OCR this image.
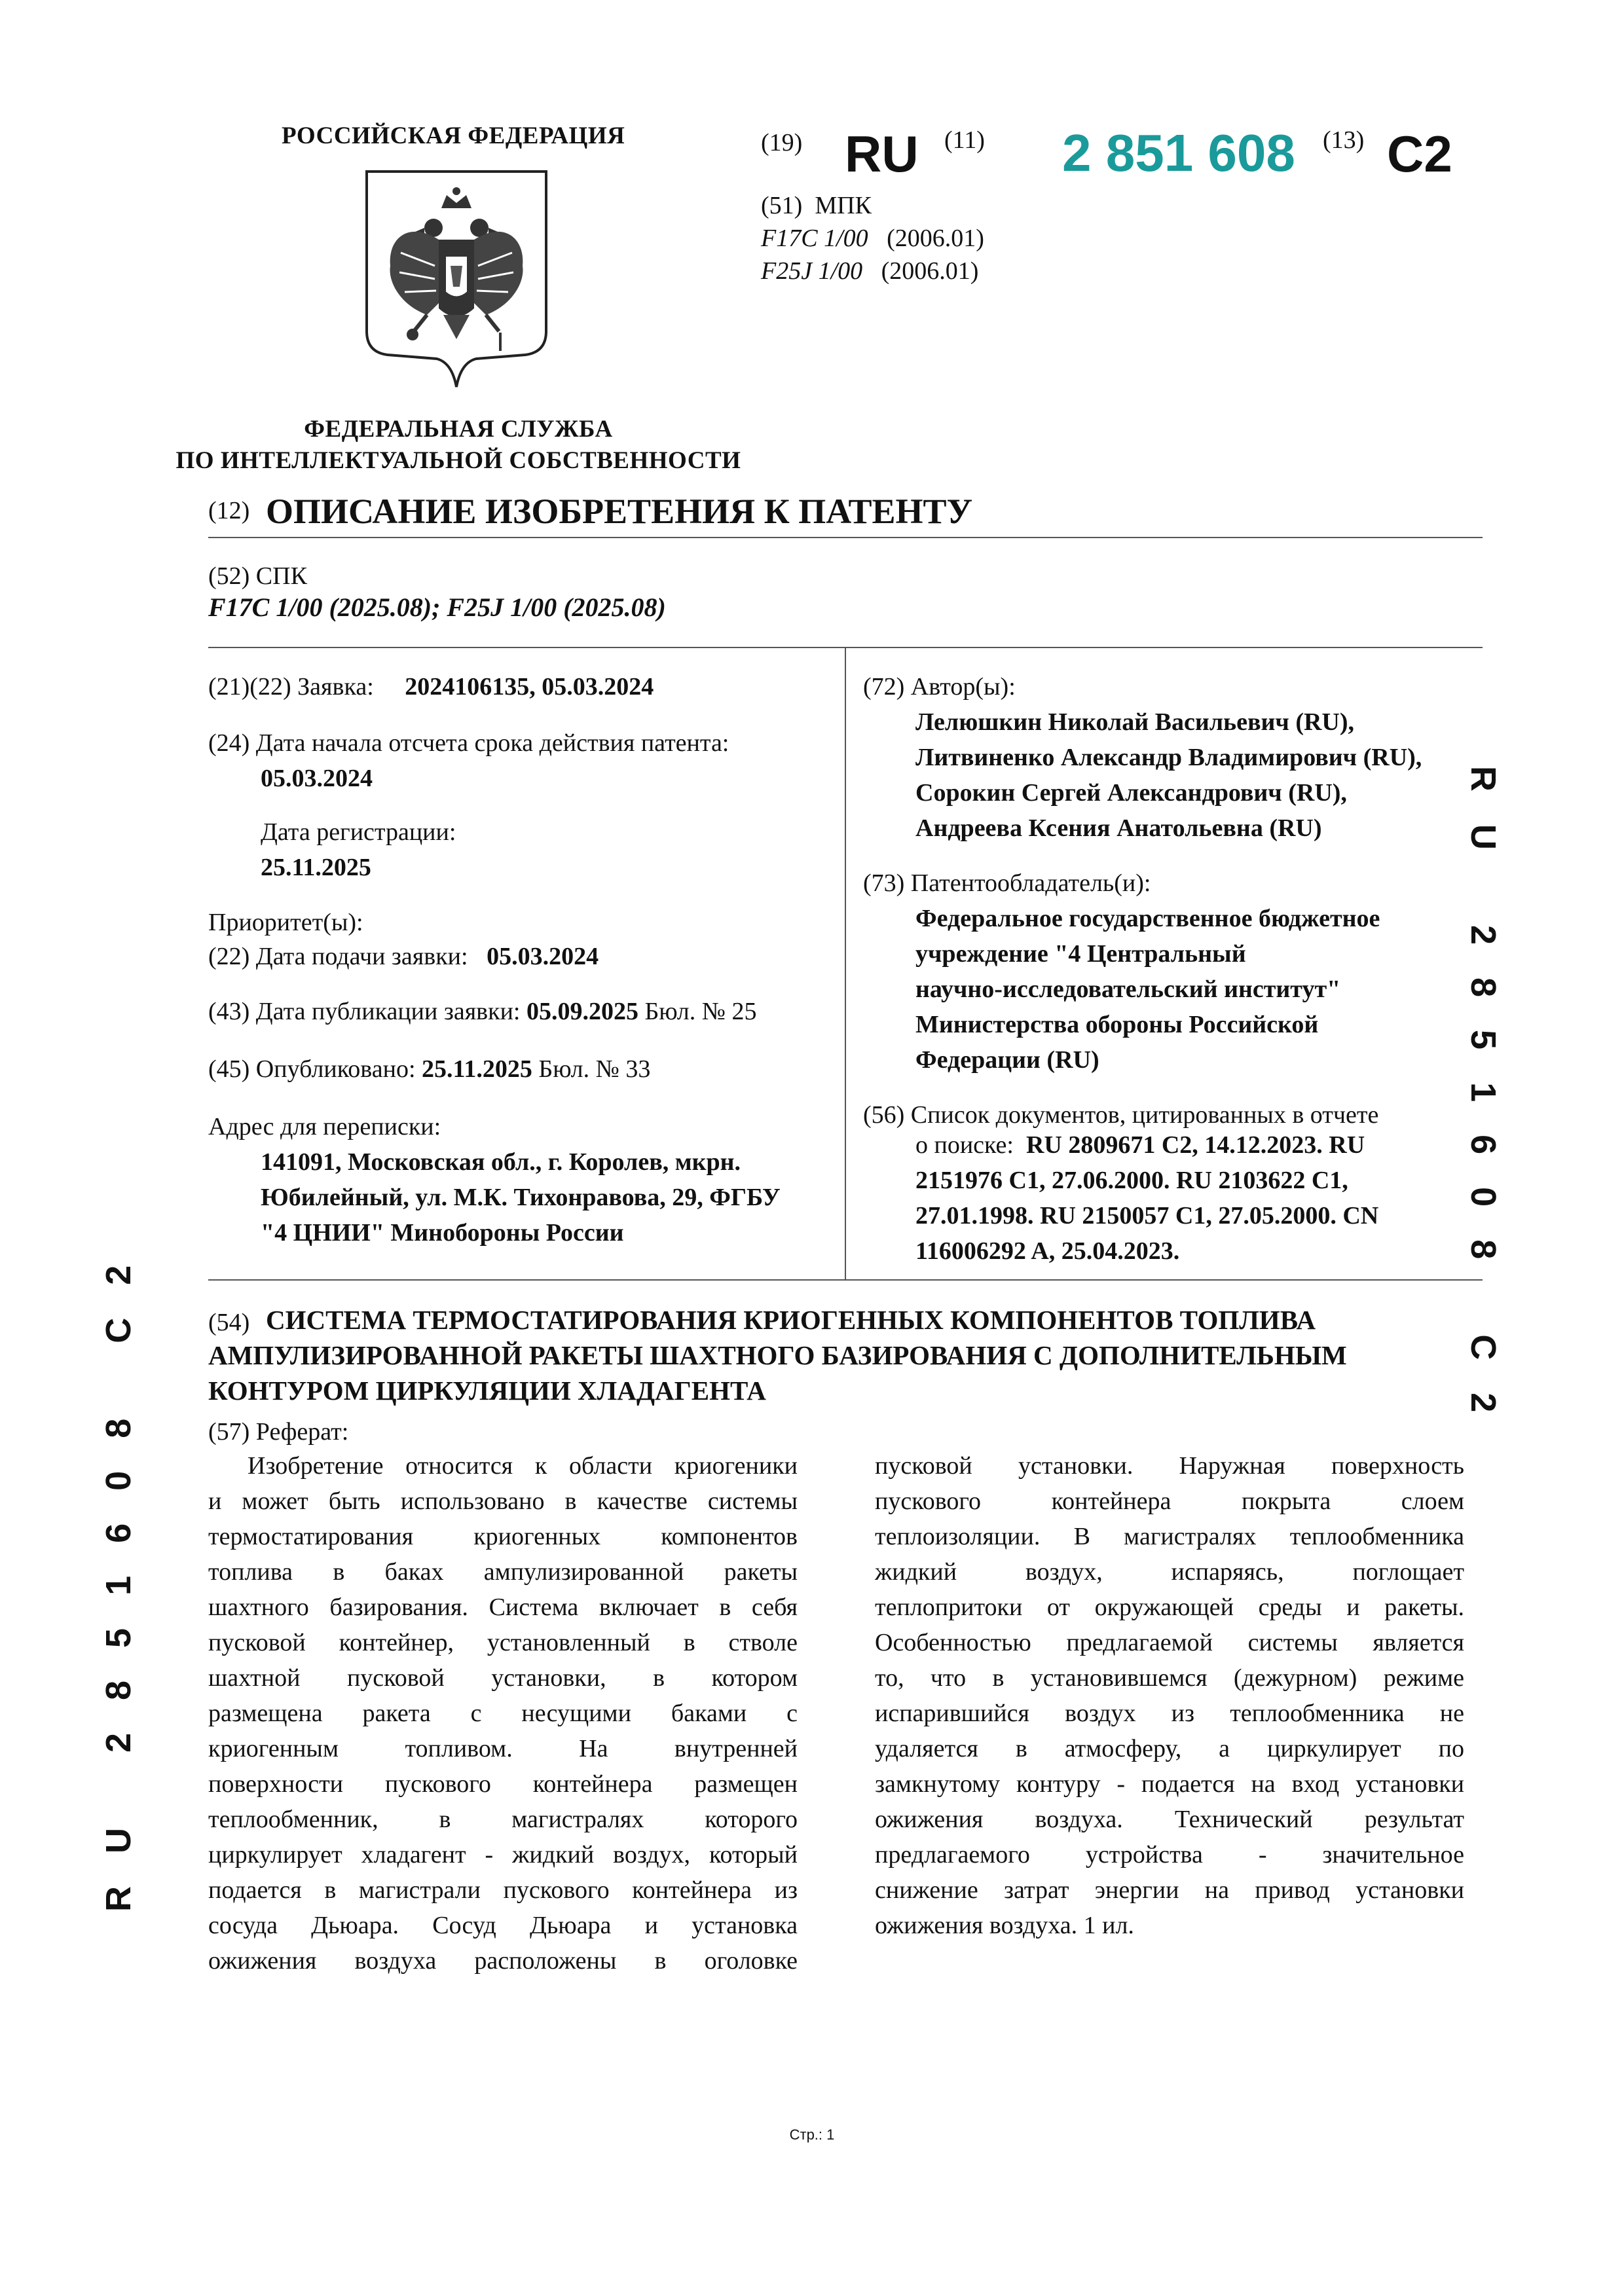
РОССИЙСКАЯ ФЕДЕРАЦИЯ
ФЕДЕРАЛЬНАЯ СЛУЖБА
ПО ИНТЕЛЛЕКТУАЛЬНОЙ СОБСТВЕННОСТИ
(19) RU (11) 2 851 608 (13) C2
(51) МПК
F17C 1/00 (2006.01)
F25J 1/00 (2006.01)
(12) ОПИСАНИЕ ИЗОБРЕТЕНИЯ К ПАТЕНТУ
(52) СПК
F17C 1/00 (2025.08); F25J 1/00 (2025.08)
(21)(22) Заявка: 2024106135, 05.03.2024
(24) Дата начала отсчета срока действия патента:
05.03.2024
Дата регистрации:
25.11.2025
Приоритет(ы):
(22) Дата подачи заявки: 05.03.2024
(43) Дата публикации заявки: 05.09.2025 Бюл. № 25
(45) Опубликовано: 25.11.2025 Бюл. № 33
Адрес для переписки:
141091, Московская обл., г. Королев, мкрн.
Юбилейный, ул. М.К. Тихонравова, 29, ФГБУ
"4 ЦНИИ" Минобороны России
(72) Автор(ы):
Лелюшкин Николай Васильевич (RU),
Литвиненко Александр Владимирович (RU),
Сорокин Сергей Александрович (RU),
Андреева Ксения Анатольевна (RU)
(73) Патентообладатель(и):
Федеральное государственное бюджетное
учреждение "4 Центральный
научно-исследовательский институт"
Министерства обороны Российской
Федерации (RU)
(56) Список документов, цитированных в отчете
о поиске: RU 2809671 C2, 14.12.2023. RU
2151976 C1, 27.06.2000. RU 2103622 C1,
27.01.1998. RU 2150057 C1, 27.05.2000. CN
116006292 A, 25.04.2023.
(54) СИСТЕМА ТЕРМОСТАТИРОВАНИЯ КРИОГЕННЫХ КОМПОНЕНТОВ ТОПЛИВА
АМПУЛИЗИРОВАННОЙ РАКЕТЫ ШАХТНОГО БАЗИРОВАНИЯ С ДОПОЛНИТЕЛЬНЫМ
КОНТУРОМ ЦИРКУЛЯЦИИ ХЛАДАГЕНТА
(57) Реферат:
Изобретение относится к области криогеники
и может быть использовано в качестве системы
термостатирования криогенных компонентов
топлива в баках ампулизированной ракеты
шахтного базирования. Система включает в себя
пусковой контейнер, установленный в стволе
шахтной пусковой установки, в котором
размещена ракета с несущими баками с
криогенным топливом. На внутренней
поверхности пускового контейнера размещен
теплообменник, в магистралях которого
циркулирует хладагент - жидкий воздух, который
подается в магистрали пускового контейнера из
сосуда Дьюара. Сосуд Дьюара и установка
ожижения воздуха расположены в оголовке
пусковой установки. Наружная поверхность
пускового контейнера покрыта слоем
теплоизоляции. В магистралях теплообменника
жидкий воздух, испаряясь, поглощает
теплопритоки от окружающей среды и ракеты.
Особенностью предлагаемой системы является
то, что в установившемся (дежурном) режиме
испарившийся воздух из теплообменника не
удаляется в атмосферу, а циркулирует по
замкнутому контуру - подается на вход установки
ожижения воздуха. Технический результат
предлагаемого устройства - значительное
снижение затрат энергии на привод установки
ожижения воздуха. 1 ил.
RU 2851608 C2
RU 2851608 C2
Стр.: 1
